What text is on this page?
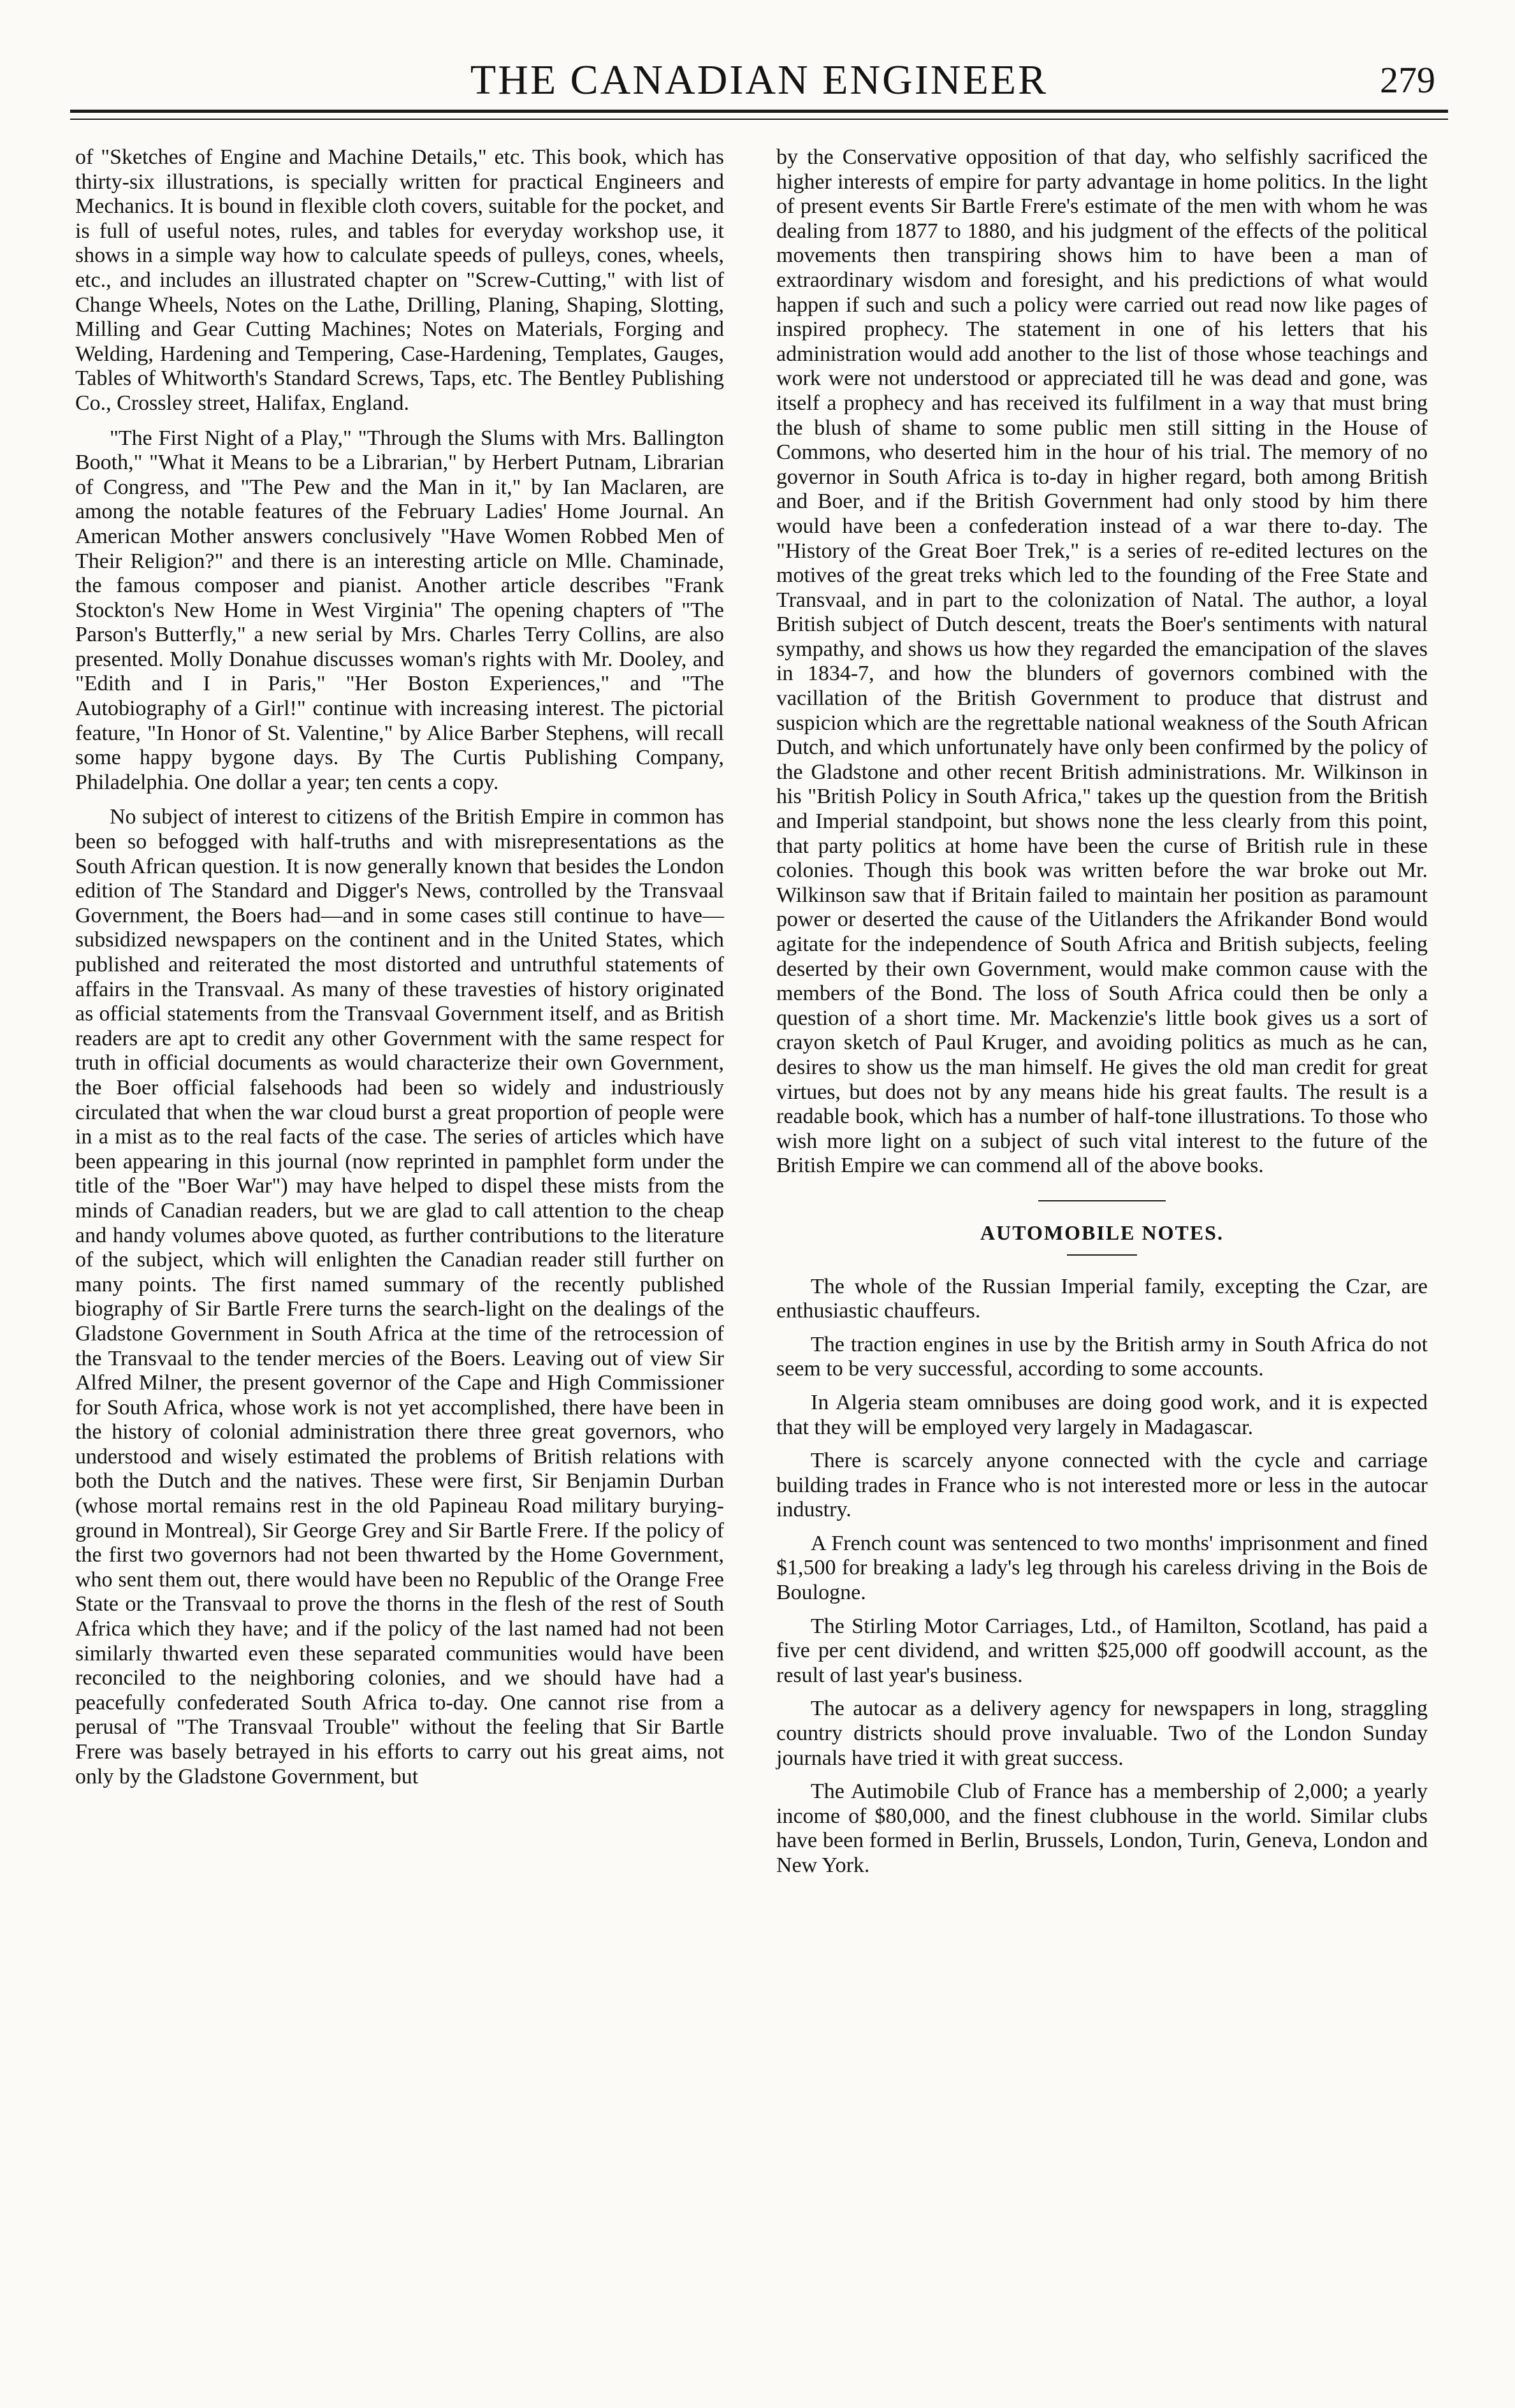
THE CANADIAN ENGINEER	279

of "Sketches of Engine and Machine Details," etc. This book, which has thirty-six illustrations, is specially written for practical Engineers and Mechanics. It is bound in flexible cloth covers, suitable for the pocket, and is full of useful notes, rules, and tables for everyday workshop use, it shows in a simple way how to calculate speeds of pulleys, cones, wheels, etc., and includes an illustrated chapter on "Screw-Cutting," with list of Change Wheels, Notes on the Lathe, Drilling, Planing, Shaping, Slotting, Milling and Gear Cutting Machines; Notes on Materials, Forging and Welding, Hardening and Tempering, Case-Hardening, Templates, Gauges, Tables of Whitworth's Standard Screws, Taps, etc. The Bentley Publishing Co., Crossley street, Halifax, England.

"The First Night of a Play," "Through the Slums with Mrs. Ballington Booth," "What it Means to be a Librarian," by Herbert Putnam, Librarian of Congress, and "The Pew and the Man in it," by Ian Maclaren, are among the notable features of the February Ladies' Home Journal. An American Mother answers conclusively "Have Women Robbed Men of Their Religion?" and there is an interesting article on Mlle. Chaminade, the famous composer and pianist. Another article describes "Frank Stockton's New Home in West Virginia" The opening chapters of "The Parson's Butterfly," a new serial by Mrs. Charles Terry Collins, are also presented. Molly Donahue discusses woman's rights with Mr. Dooley, and "Edith and I in Paris," "Her Boston Experiences," and "The Autobiography of a Girl!" continue with increasing interest. The pictorial feature, "In Honor of St. Valentine," by Alice Barber Stephens, will recall some happy bygone days. By The Curtis Publishing Company, Philadelphia. One dollar a year; ten cents a copy.

No subject of interest to citizens of the British Empire in common has been so befogged with half-truths and with misrepresentations as the South African question. It is now generally known that besides the London edition of The Standard and Digger's News, controlled by the Transvaal Government, the Boers had—and in some cases still continue to have—subsidized newspapers on the continent and in the United States, which published and reiterated the most distorted and untruthful statements of affairs in the Transvaal. As many of these travesties of history originated as official statements from the Transvaal Government itself, and as British readers are apt to credit any other Government with the same respect for truth in official documents as would characterize their own Government, the Boer official falsehoods had been so widely and industriously circulated that when the war cloud burst a great proportion of people were in a mist as to the real facts of the case. The series of articles which have been appearing in this journal (now reprinted in pamphlet form under the title of the "Boer War") may have helped to dispel these mists from the minds of Canadian readers, but we are glad to call attention to the cheap and handy volumes above quoted, as further contributions to the literature of the subject, which will enlighten the Canadian reader still further on many points. The first named summary of the recently published biography of Sir Bartle Frere turns the search-light on the dealings of the Gladstone Government in South Africa at the time of the retrocession of the Transvaal to the tender mercies of the Boers. Leaving out of view Sir Alfred Milner, the present governor of the Cape and High Commissioner for South Africa, whose work is not yet accomplished, there have been in the history of colonial administration there three great governors, who understood and wisely estimated the problems of British relations with both the Dutch and the natives. These were first, Sir Benjamin Durban (whose mortal remains rest in the old Papineau Road military burying-ground in Montreal), Sir George Grey and Sir Bartle Frere. If the policy of the first two governors had not been thwarted by the Home Government, who sent them out, there would have been no Republic of the Orange Free State or the Transvaal to prove the thorns in the flesh of the rest of South Africa which they have; and if the policy of the last named had not been similarly thwarted even these separated communities would have been reconciled to the neighboring colonies, and we should have had a peacefully confederated South Africa to-day. One cannot rise from a perusal of "The Transvaal Trouble" without the feeling that Sir Bartle Frere was basely betrayed in his efforts to carry out his great aims, not only by the Gladstone Government, but

by the Conservative opposition of that day, who selfishly sacrificed the higher interests of empire for party advantage in home politics. In the light of present events Sir Bartle Frere's estimate of the men with whom he was dealing from 1877 to 1880, and his judgment of the effects of the political movements then transpiring shows him to have been a man of extraordinary wisdom and foresight, and his predictions of what would happen if such and such a policy were carried out read now like pages of inspired prophecy. The statement in one of his letters that his administration would add another to the list of those whose teachings and work were not understood or appreciated till he was dead and gone, was itself a prophecy and has received its fulfilment in a way that must bring the blush of shame to some public men still sitting in the House of Commons, who deserted him in the hour of his trial. The memory of no governor in South Africa is to-day in higher regard, both among British and Boer, and if the British Government had only stood by him there would have been a confederation instead of a war there to-day. The "History of the Great Boer Trek," is a series of re-edited lectures on the motives of the great treks which led to the founding of the Free State and Transvaal, and in part to the colonization of Natal. The author, a loyal British subject of Dutch descent, treats the Boer's sentiments with natural sympathy, and shows us how they regarded the emancipation of the slaves in 1834-7, and how the blunders of governors combined with the vacillation of the British Government to produce that distrust and suspicion which are the regrettable national weakness of the South African Dutch, and which unfortunately have only been confirmed by the policy of the Gladstone and other recent British administrations. Mr. Wilkinson in his "British Policy in South Africa," takes up the question from the British and Imperial standpoint, but shows none the less clearly from this point, that party politics at home have been the curse of British rule in these colonies. Though this book was written before the war broke out Mr. Wilkinson saw that if Britain failed to maintain her position as paramount power or deserted the cause of the Uitlanders the Afrikander Bond would agitate for the independence of South Africa and British subjects, feeling deserted by their own Government, would make common cause with the members of the Bond. The loss of South Africa could then be only a question of a short time. Mr. Mackenzie's little book gives us a sort of crayon sketch of Paul Kruger, and avoiding politics as much as he can, desires to show us the man himself. He gives the old man credit for great virtues, but does not by any means hide his great faults. The result is a readable book, which has a number of half-tone illustrations. To those who wish more light on a subject of such vital interest to the future of the British Empire we can commend all of the above books.

AUTOMOBILE NOTES.

The whole of the Russian Imperial family, excepting the Czar, are enthusiastic chauffeurs.

The traction engines in use by the British army in South Africa do not seem to be very successful, according to some accounts.

In Algeria steam omnibuses are doing good work, and it is expected that they will be employed very largely in Madagascar.

There is scarcely anyone connected with the cycle and carriage building trades in France who is not interested more or less in the autocar industry.

A French count was sentenced to two months' imprisonment and fined $1,500 for breaking a lady's leg through his careless driving in the Bois de Boulogne.

The Stirling Motor Carriages, Ltd., of Hamilton, Scotland, has paid a five per cent dividend, and written $25,000 off goodwill account, as the result of last year's business.

The autocar as a delivery agency for newspapers in long, straggling country districts should prove invaluable. Two of the London Sunday journals have tried it with great success.

The Autimobile Club of France has a membership of 2,000; a yearly income of $80,000, and the finest clubhouse in the world. Similar clubs have been formed in Berlin, Brussels, London, Turin, Geneva, London and New York.
